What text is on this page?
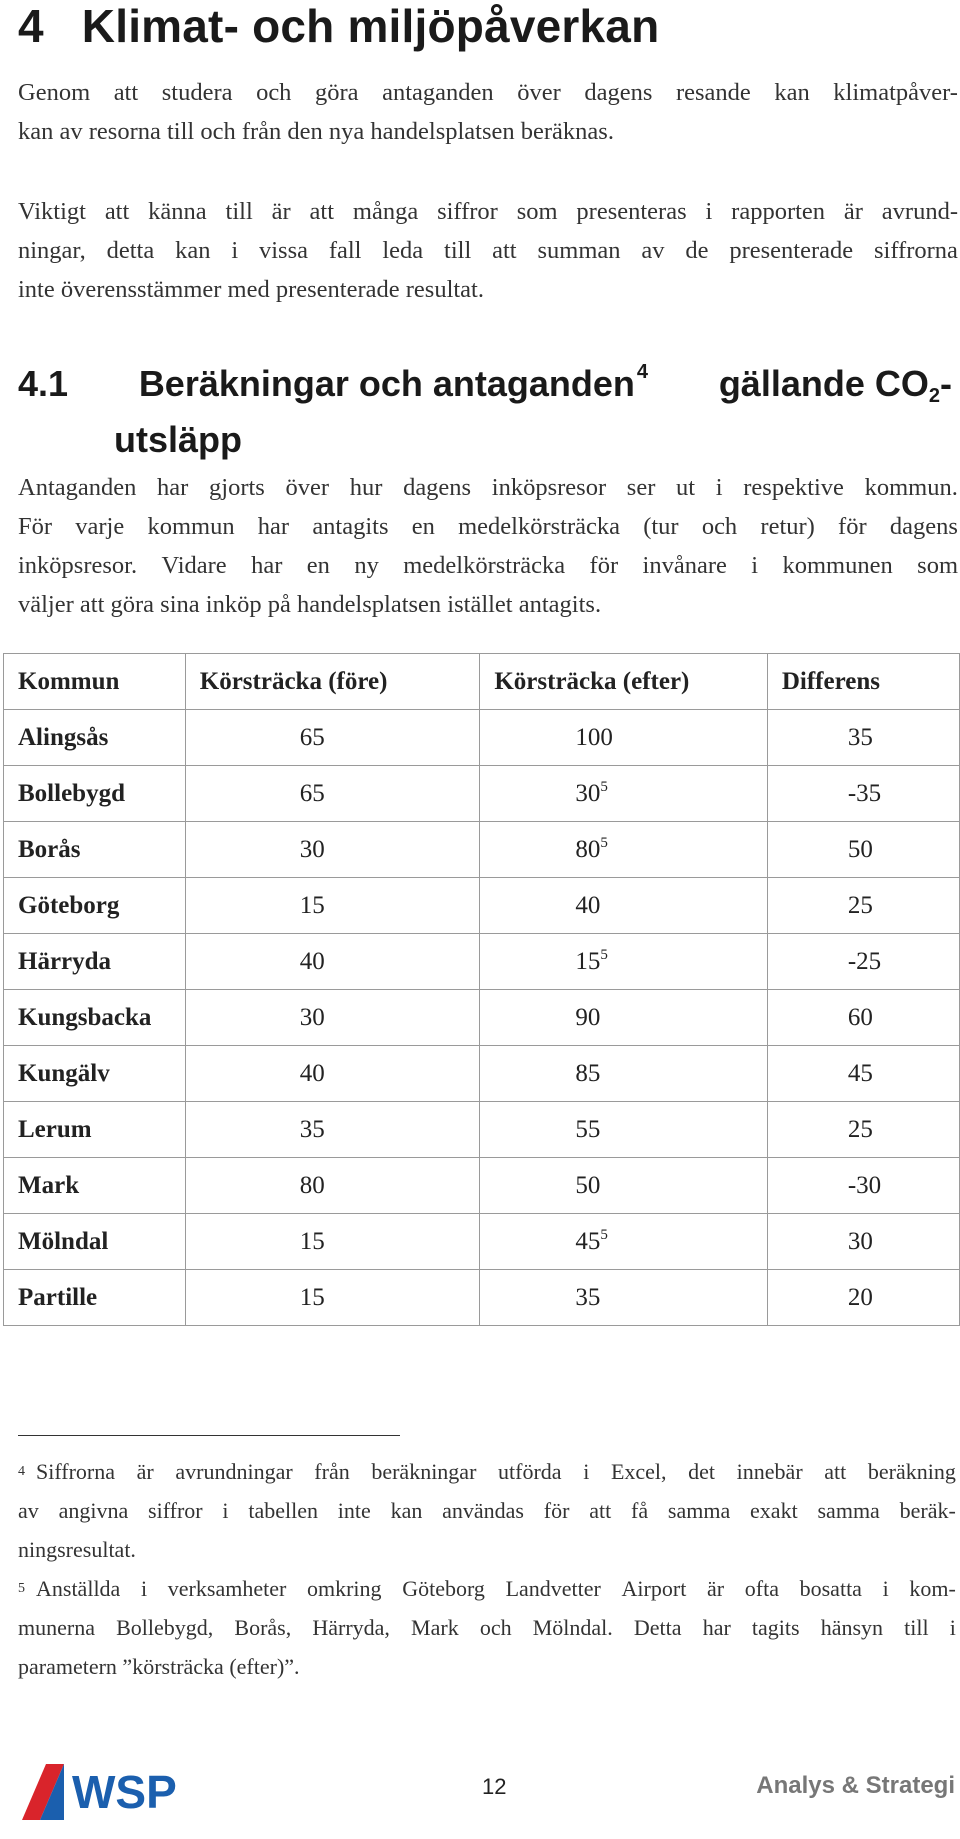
4 Klimat- och miljöpåverkan
Genom att studera och göra antaganden över dagens resande kan klimatpåver-
kan av resorna till och från den nya handelsplatsen beräknas.
Viktigt att känna till är att många siffror som presenteras i rapporten är avrund-
ningar, detta kan i vissa fall leda till att summan av de presenterade siffrorna
inte överensstämmer med presenterade resultat.
4.1 Beräkningar och antaganden $^4$ gällande $CO_2-$
utsläpp
Antaganden har gjorts över hur dagens inköpsresor ser ut i respektive kommun.
För varje kommun har antagits en medelkörsträcka (tur och retur) för dagens
inköpsresor. Vidare har en ny medelkörsträcka för invånare i kommunen som
väljer att göra sina inköp på handelsplatsen istället antagits.
Kommun	Körsträcka (före)	Körsträcka (efter)	Differens
Alingsås	65	100	35
Bollebygd	65	$30^5$	-35
Borås	30	$80^5$	50
Göteborg	15	40	25
Härryda	40	$15^5$	-25
Kungsbacka	30	90	60
Kungälv	40	85	45
Lerum	35	55	25
Mark	80	50	-30
Mölndal	15	$45^5$	30
Partille	15	35	20
$^4$ Siffrorna är avrundningar från beräkningar utförda i Excel, det innebär att beräkning
av angivna siffror i tabellen inte kan användas för att få samma exakt samma beräk-
ningsresultat.
$^5$ Anställda i verksamheter omkring Göteborg Landvetter Airport är ofta bosatta i kom-
munerna Bollebygd, Borås, Härryda, Mark och Mölndal. Detta har tagits hänsyn till i
parametern ”körsträcka (efter)”.
WSP	12	Analys & Strategi
